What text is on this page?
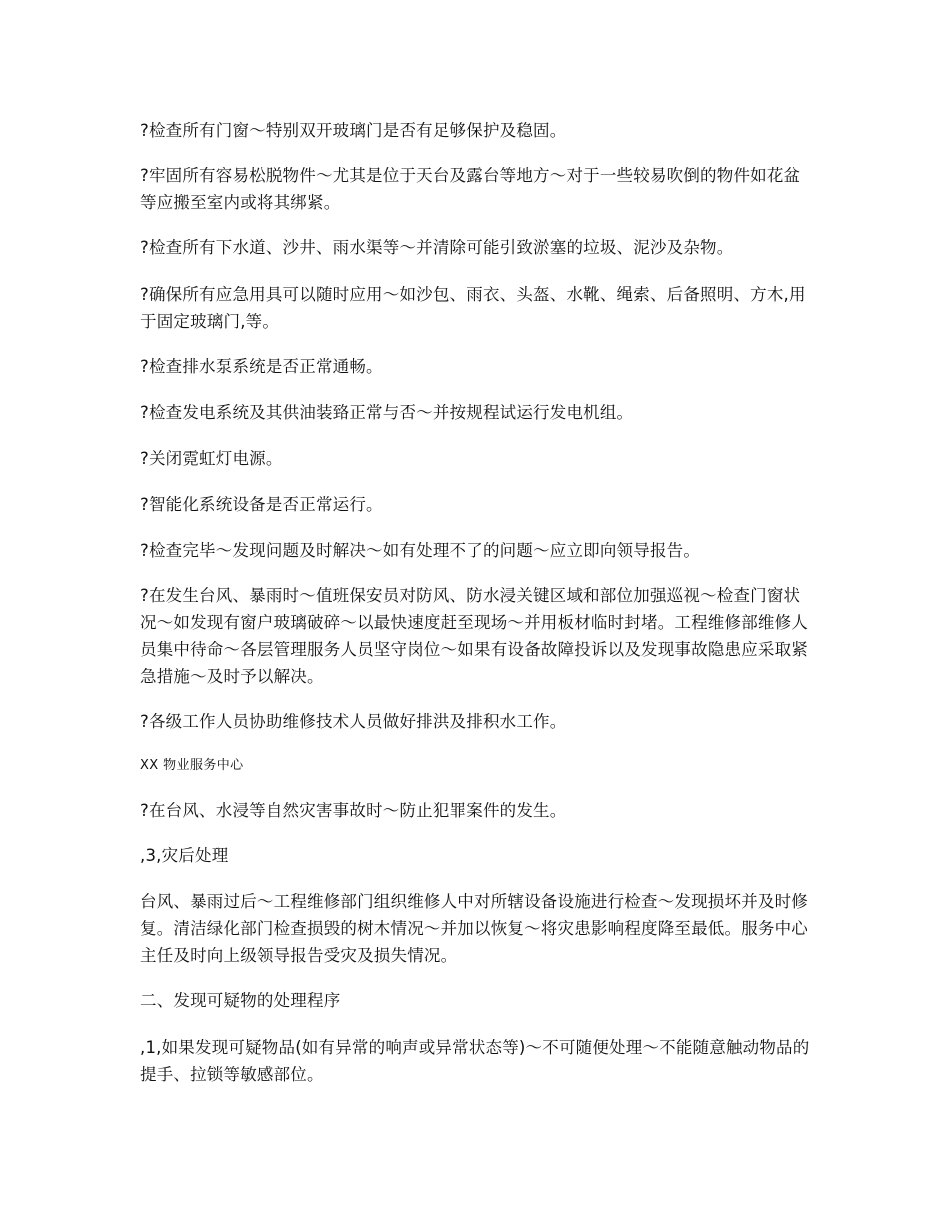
?检查所有门窗～特别双开玻璃门是否有足够保护及稳固。

?牢固所有容易松脱物件～尤其是位于天台及露台等地方～对于一些较易吹倒的物件如花盆等应搬至室内或将其绑紧。

?检查所有下水道、沙井、雨水渠等～并清除可能引致淤塞的垃圾、泥沙及杂物。

?确保所有应急用具可以随时应用～如沙包、雨衣、头盔、水靴、绳索、后备照明、方木,用于固定玻璃门,等。

?检查排水泵系统是否正常通畅。

?检查发电系统及其供油装臵正常与否～并按规程试运行发电机组。

?关闭霓虹灯电源。

?智能化系统设备是否正常运行。

?检查完毕～发现问题及时解决～如有处理不了的问题～应立即向领导报告。

?在发生台风、暴雨时～值班保安员对防风、防水浸关键区域和部位加强巡视～检查门窗状况～如发现有窗户玻璃破碎～以最快速度赶至现场～并用板材临时封堵。工程维修部维修人员集中待命～各层管理服务人员坚守岗位～如果有设备故障投诉以及发现事故隐患应采取紧急措施～及时予以解决。

?各级工作人员协助维修技术人员做好排洪及排积水工作。

XX 物业服务中心

?在台风、水浸等自然灾害事故时～防止犯罪案件的发生。

,3,灾后处理

台风、暴雨过后～工程维修部门组织维修人中对所辖设备设施进行检查～发现损坏并及时修复。清洁绿化部门检查损毁的树木情况～并加以恢复～将灾患影响程度降至最低。服务中心主任及时向上级领导报告受灾及损失情况。

二、发现可疑物的处理程序

,1,如果发现可疑物品(如有异常的响声或异常状态等)～不可随便处理～不能随意触动物品的提手、拉锁等敏感部位。
